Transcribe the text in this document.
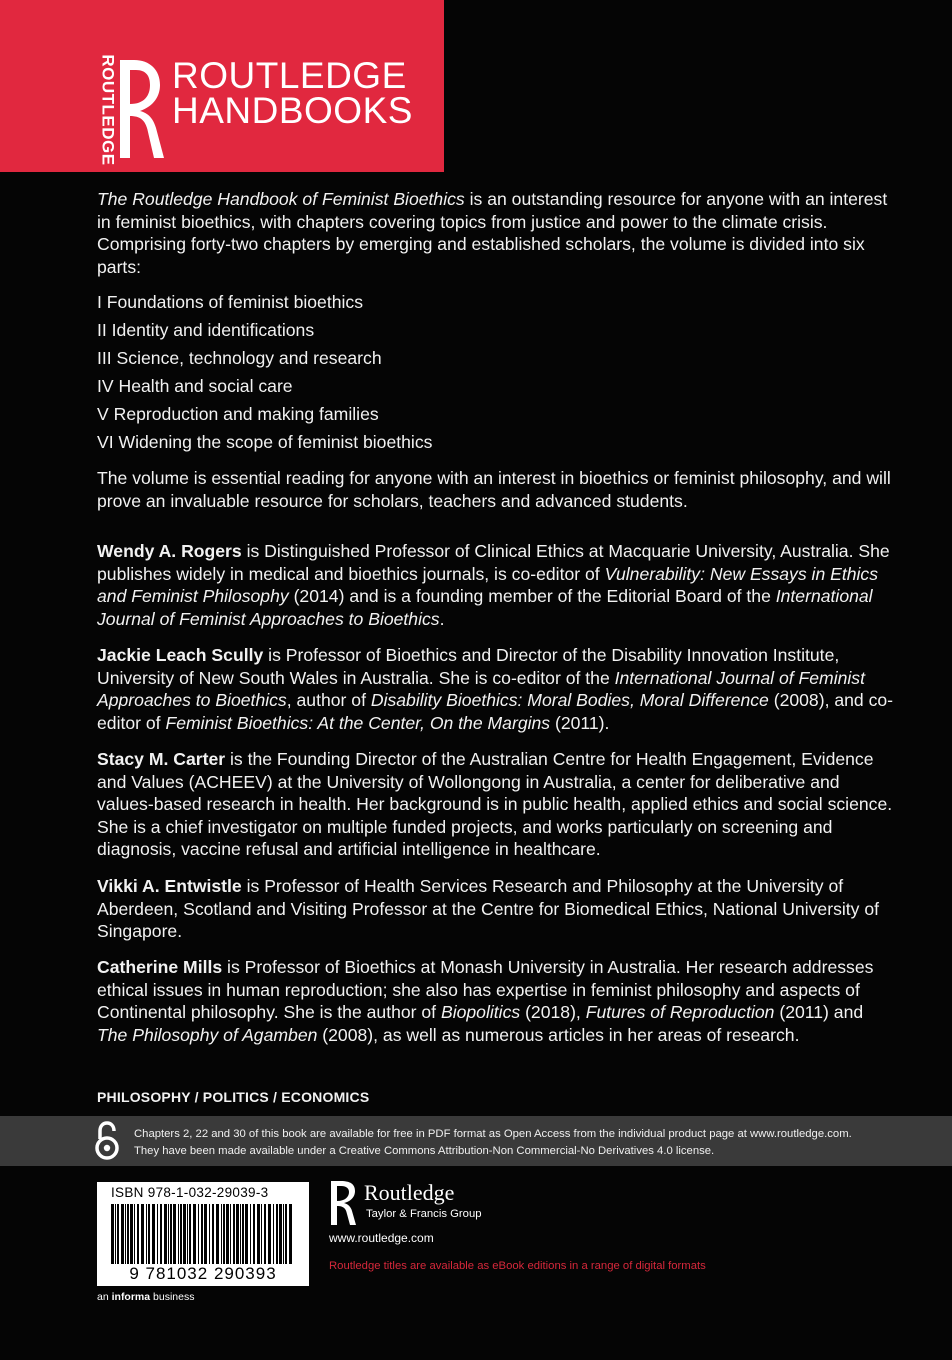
ROUTLEDGE ROUTLEDGE
HANDBOOKS

The Routledge Handbook of Feminist Bioethics is an outstanding resource for anyone with an interest in feminist bioethics, with chapters covering topics from justice and power to the climate crisis. Comprising forty-two chapters by emerging and established scholars, the volume is divided into six parts:

I Foundations of feminist bioethics
II Identity and identifications
III Science, technology and research
IV Health and social care
V Reproduction and making families
VI Widening the scope of feminist bioethics

The volume is essential reading for anyone with an interest in bioethics or feminist philosophy, and will prove an invaluable resource for scholars, teachers and advanced students.

Wendy A. Rogers is Distinguished Professor of Clinical Ethics at Macquarie University, Australia. She publishes widely in medical and bioethics journals, is co-editor of Vulnerability: New Essays in Ethics and Feminist Philosophy (2014) and is a founding member of the Editorial Board of the International Journal of Feminist Approaches to Bioethics.

Jackie Leach Scully is Professor of Bioethics and Director of the Disability Innovation Institute, University of New South Wales in Australia. She is co-editor of the International Journal of Feminist Approaches to Bioethics, author of Disability Bioethics: Moral Bodies, Moral Difference (2008), and co-editor of Feminist Bioethics: At the Center, On the Margins (2011).

Stacy M. Carter is the Founding Director of the Australian Centre for Health Engagement, Evidence and Values (ACHEEV) at the University of Wollongong in Australia, a center for deliberative and values-based research in health. Her background is in public health, applied ethics and social science. She is a chief investigator on multiple funded projects, and works particularly on screening and diagnosis, vaccine refusal and artificial intelligence in healthcare.

Vikki A. Entwistle is Professor of Health Services Research and Philosophy at the University of Aberdeen, Scotland and Visiting Professor at the Centre for Biomedical Ethics, National University of Singapore.

Catherine Mills is Professor of Bioethics at Monash University in Australia. Her research addresses ethical issues in human reproduction; she also has expertise in feminist philosophy and aspects of Continental philosophy. She is the author of Biopolitics (2018), Futures of Reproduction (2011) and The Philosophy of Agamben (2008), as well as numerous articles in her areas of research.

PHILOSOPHY / POLITICS / ECONOMICS
Chapters 2, 22 and 30 of this book are available for free in PDF format as Open Access from the individual product page at www.routledge.com.
They have been made available under a Creative Commons Attribution-Non Commercial-No Derivatives 4.0 license.
ISBN 978-1-032-29039-3
9 781032 290393
an informa business
Routledge
Taylor & Francis Group
www.routledge.com
Routledge titles are available as eBook editions in a range of digital formats
